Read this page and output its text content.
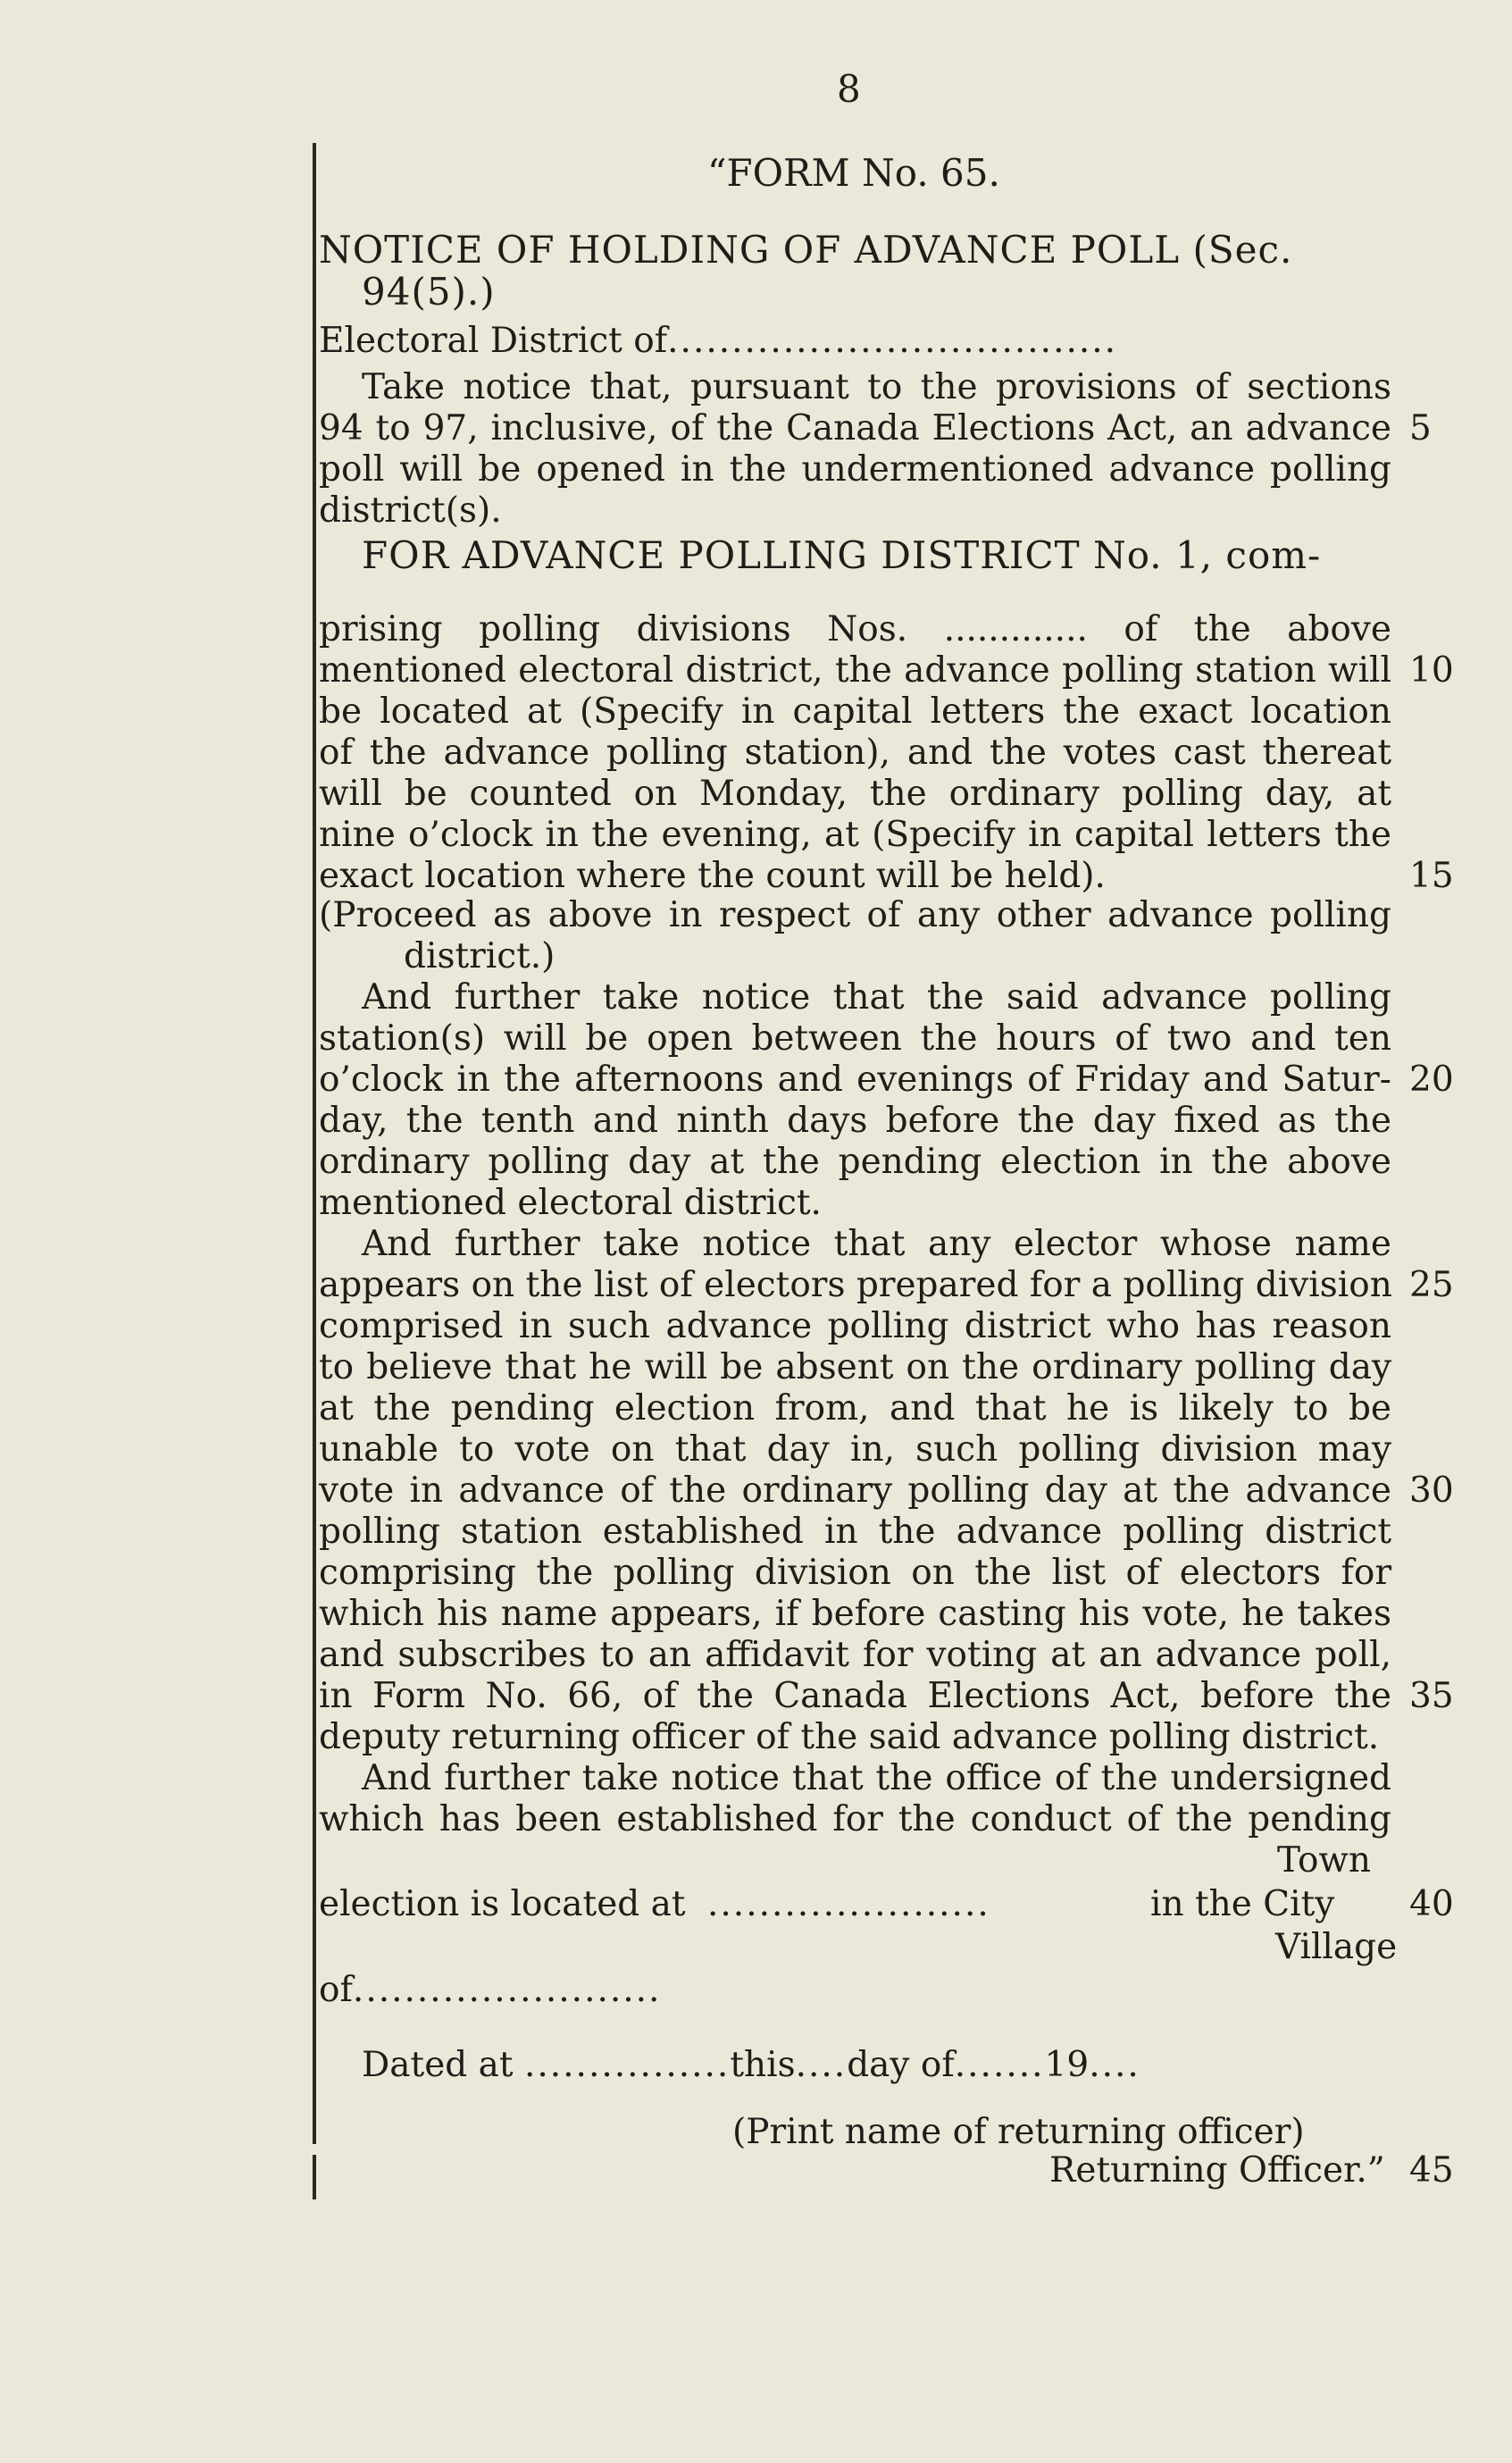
8
“FORM No. 65.
NOTICE OF HOLDING OF ADVANCE POLL (Sec.
94(5).)
Electoral District of...................................
Take notice that, pursuant to the provisions of sections
94 to 97, inclusive, of the Canada Elections Act, an advance
poll will be opened in the undermentioned advance polling
district(s).
FOR ADVANCE POLLING DISTRICT No. 1, com-
prising polling divisions Nos. ............. of the above
mentioned electoral district, the advance polling station will
be located at (Specify in capital letters the exact location
of the advance polling station), and the votes cast thereat
will be counted on Monday, the ordinary polling day, at
nine o’clock in the evening, at (Specify in capital letters the
exact location where the count will be held).
(Proceed as above in respect of any other advance polling
district.)
And further take notice that the said advance polling
station(s) will be open between the hours of two and ten
o’clock in the afternoons and evenings of Friday and Satur-
day, the tenth and ninth days before the day fixed as the
ordinary polling day at the pending election in the above
mentioned electoral district.
And further take notice that any elector whose name
appears on the list of electors prepared for a polling division
comprised in such advance polling district who has reason
to believe that he will be absent on the ordinary polling day
at the pending election from, and that he is likely to be
unable to vote on that day in, such polling division may
vote in advance of the ordinary polling day at the advance
polling station established in the advance polling district
comprising the polling division on the list of electors for
which his name appears, if before casting his vote, he takes
and subscribes to an affidavit for voting at an advance poll,
in Form No. 66, of the Canada Elections Act, before the
deputy returning officer of the said advance polling district.
And further take notice that the office of the undersigned
which has been established for the conduct of the pending
Town
election is located at ......................	in the City
Village
of........................
Dated at ................this....day of.......19....
(Print name of returning officer)
Returning Officer.”
5
10
15
20
25
30
35
40
45
